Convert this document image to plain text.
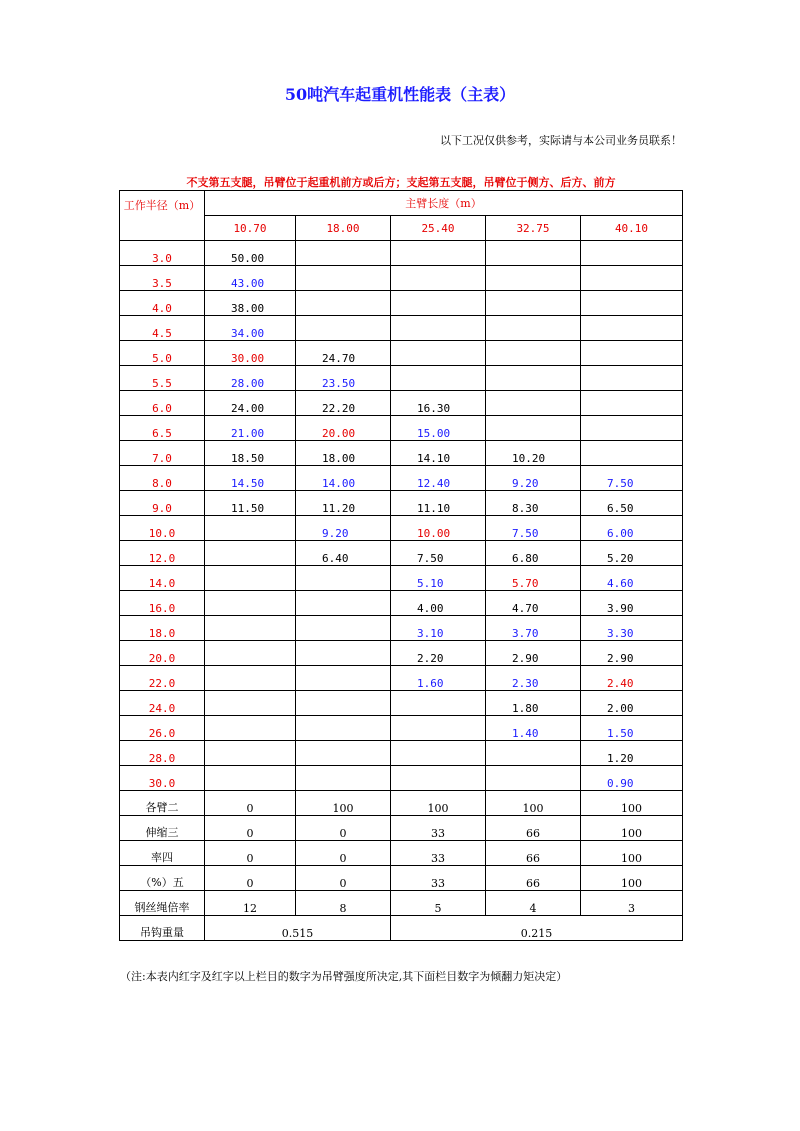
50吨汽车起重机性能表（主表）
以下工况仅供参考，实际请与本公司业务员联系！
不支第五支腿，吊臂位于起重机前方或后方；支起第五支腿，吊臂位于侧方、后方、前方
工作半径（m）	主臂长度（m）				
	10.70	18.00	25.40	32.75	40.10
3.0	50.00				
3.5	43.00				
4.0	38.00				
4.5	34.00				
5.0	30.00	24.70			
5.5	28.00	23.50			
6.0	24.00	22.20	16.30		
6.5	21.00	20.00	15.00		
7.0	18.50	18.00	14.10	10.20	
8.0	14.50	14.00	12.40	9.20	7.50
9.0	11.50	11.20	11.10	8.30	6.50
10.0		9.20	10.00	7.50	6.00
12.0		6.40	7.50	6.80	5.20
14.0			5.10	5.70	4.60
16.0			4.00	4.70	3.90
18.0			3.10	3.70	3.30
20.0			2.20	2.90	2.90
22.0			1.60	2.30	2.40
24.0				1.80	2.00
26.0				1.40	1.50
28.0					1.20
30.0					0.90
各臂二	0	100	100	100	100
伸缩三	0	0	33	66	100
率四	0	0	33	66	100
（%）五	0	0	33	66	100
钢丝绳倍率	12	8	5	4	3
吊钩重量	0.515		0.215		
（注:本表内红字及红字以上栏目的数字为吊臂强度所决定,其下面栏目数字为倾翻力矩决定）
